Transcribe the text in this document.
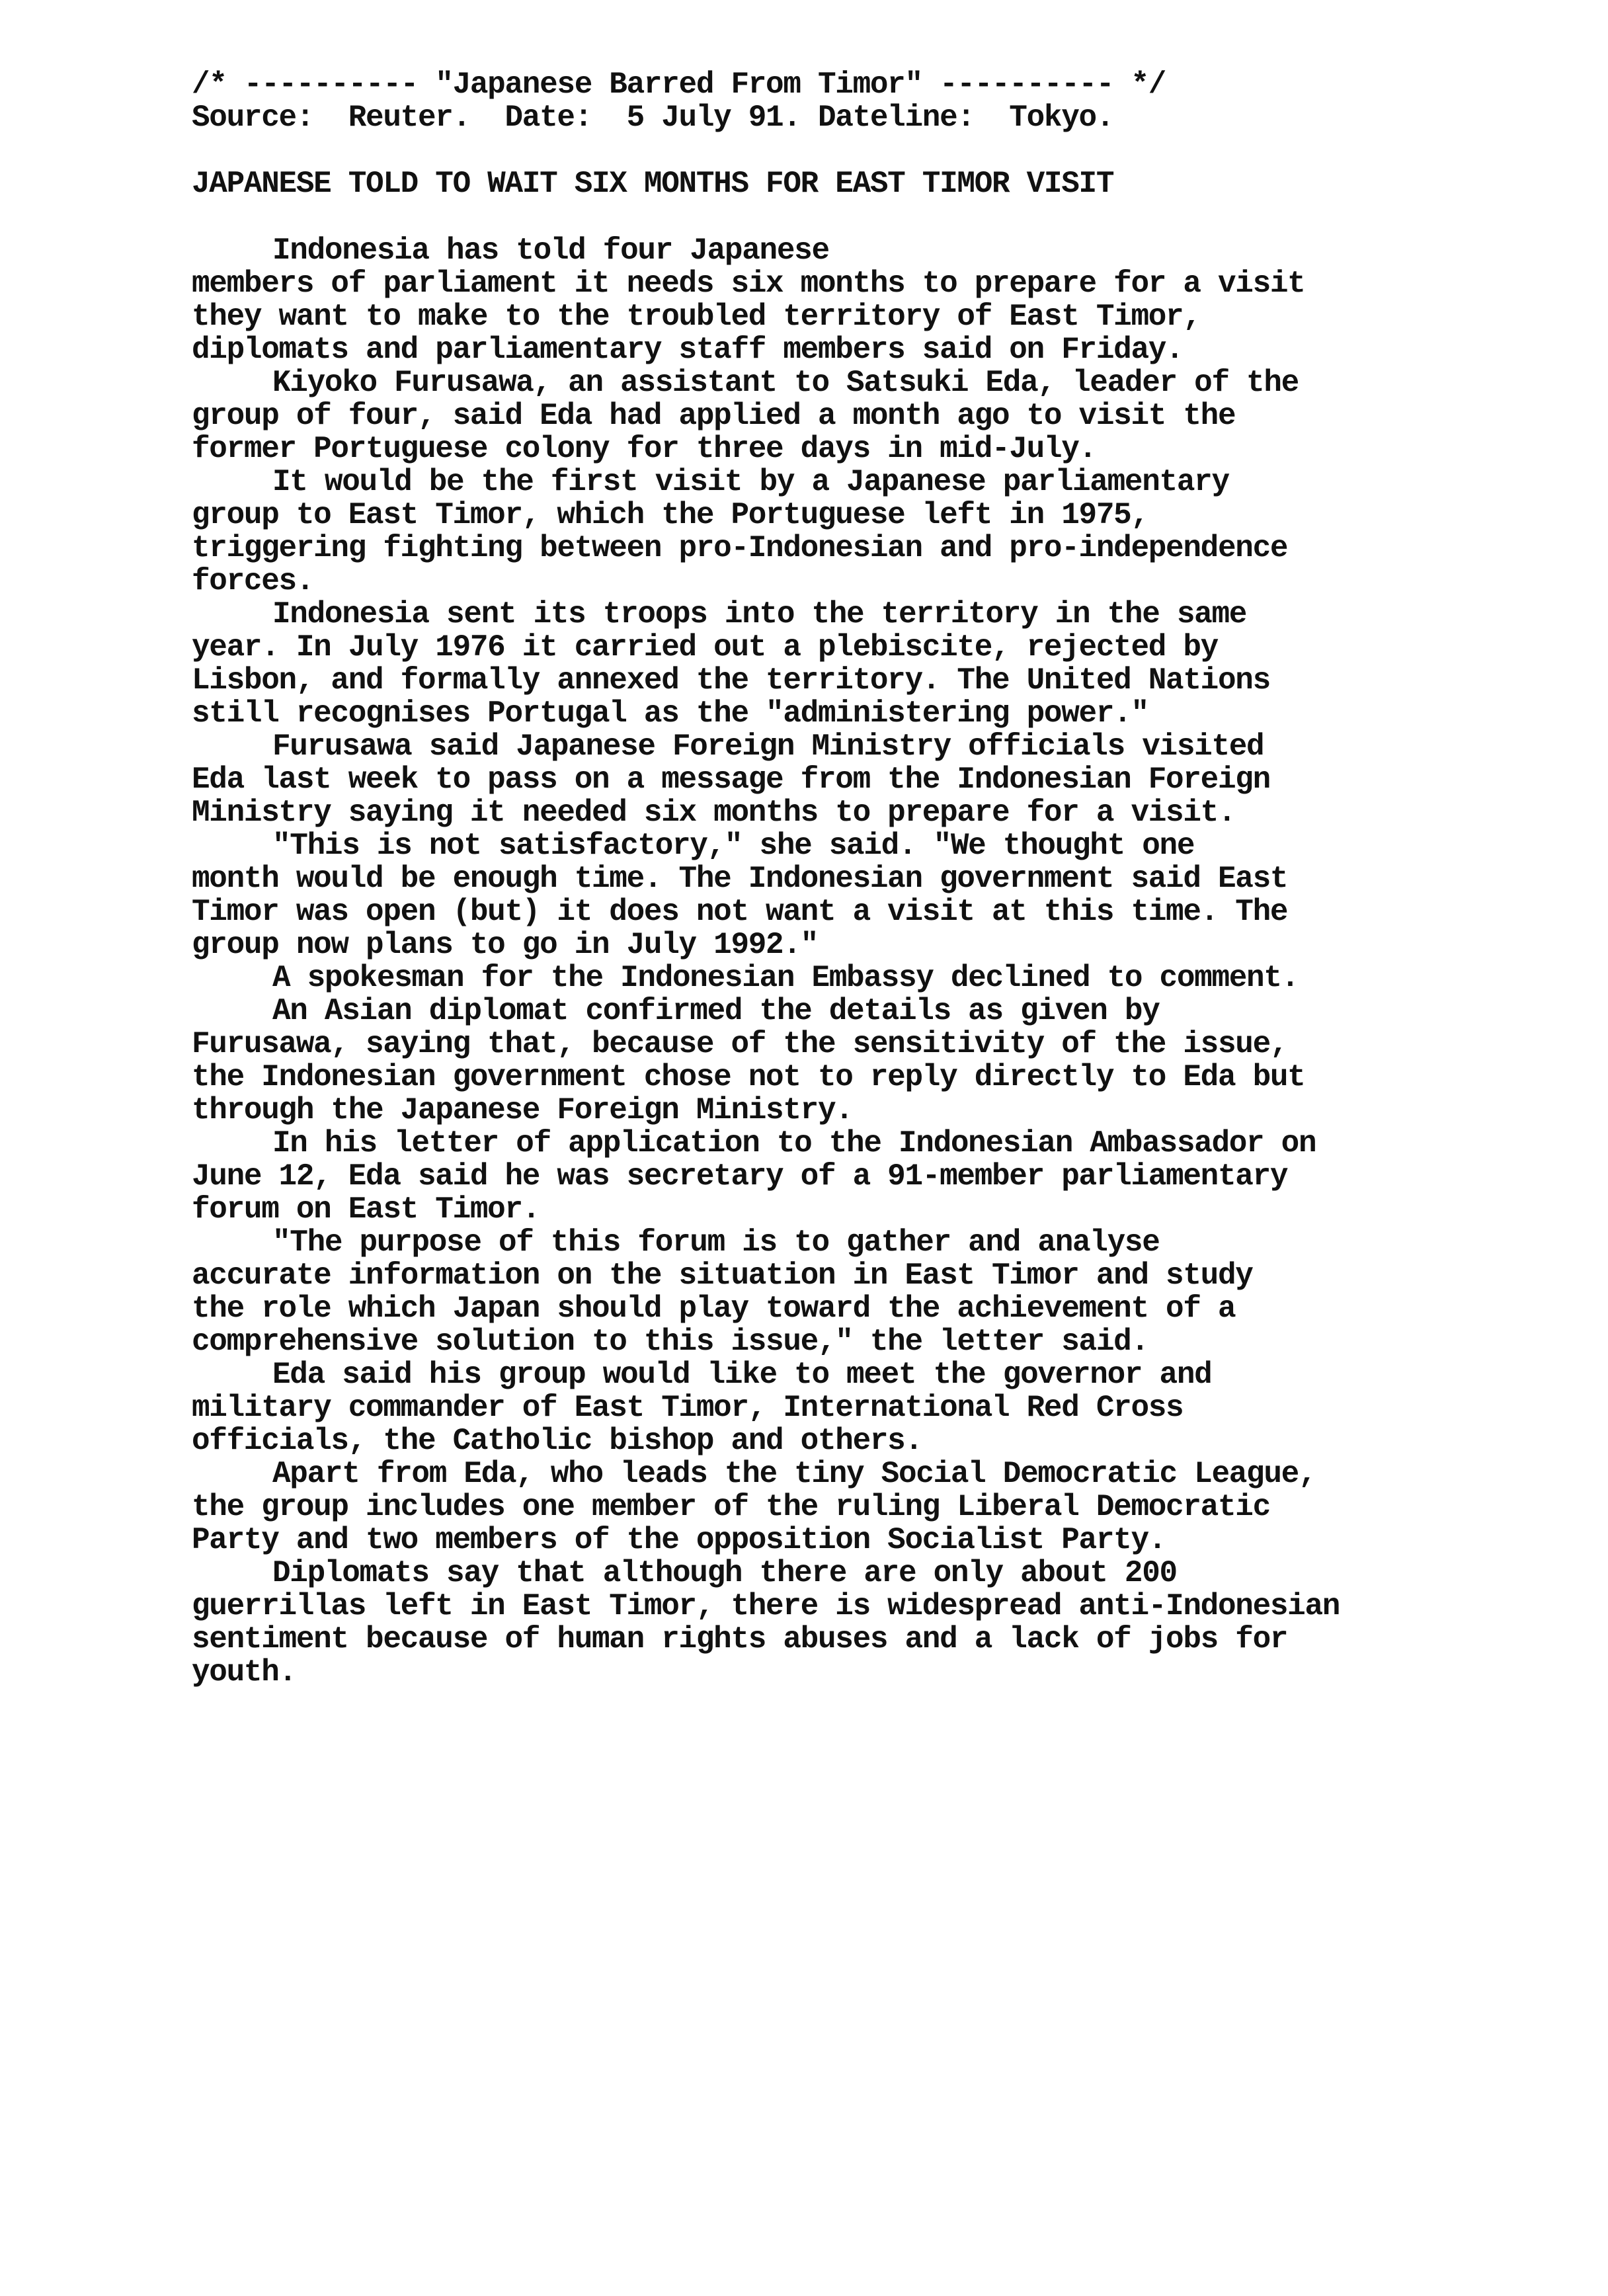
/* ---------- "Japanese Barred From Timor" ---------- */

Source:  Reuter.  Date:  5 July 91. Dateline:  Tokyo.

JAPANESE TOLD TO WAIT SIX MONTHS FOR EAST TIMOR VISIT

Indonesia has told four Japanese

members of parliament it needs six months to prepare for a visit

they want to make to the troubled territory of East Timor,

diplomats and parliamentary staff members said on Friday.

Kiyoko Furusawa, an assistant to Satsuki Eda, leader of the

group of four, said Eda had applied a month ago to visit the

former Portuguese colony for three days in mid-July.

It would be the first visit by a Japanese parliamentary

group to East Timor, which the Portuguese left in 1975,

triggering fighting between pro-Indonesian and pro-independence

forces.

Indonesia sent its troops into the territory in the same

year. In July 1976 it carried out a plebiscite, rejected by

Lisbon, and formally annexed the territory. The United Nations

still recognises Portugal as the "administering power."

Furusawa said Japanese Foreign Ministry officials visited

Eda last week to pass on a message from the Indonesian Foreign

Ministry saying it needed six months to prepare for a visit.

"This is not satisfactory," she said. "We thought one

month would be enough time. The Indonesian government said East

Timor was open (but) it does not want a visit at this time. The

group now plans to go in July 1992."

A spokesman for the Indonesian Embassy declined to comment.

An Asian diplomat confirmed the details as given by

Furusawa, saying that, because of the sensitivity of the issue,

the Indonesian government chose not to reply directly to Eda but

through the Japanese Foreign Ministry.

In his letter of application to the Indonesian Ambassador on

June 12, Eda said he was secretary of a 91-member parliamentary

forum on East Timor.

"The purpose of this forum is to gather and analyse

accurate information on the situation in East Timor and study

the role which Japan should play toward the achievement of a

comprehensive solution to this issue," the letter said.

Eda said his group would like to meet the governor and

military commander of East Timor, International Red Cross

officials, the Catholic bishop and others.

Apart from Eda, who leads the tiny Social Democratic League,

the group includes one member of the ruling Liberal Democratic

Party and two members of the opposition Socialist Party.

Diplomats say that although there are only about 200

guerrillas left in East Timor, there is widespread anti-Indonesian

sentiment because of human rights abuses and a lack of jobs for

youth.
